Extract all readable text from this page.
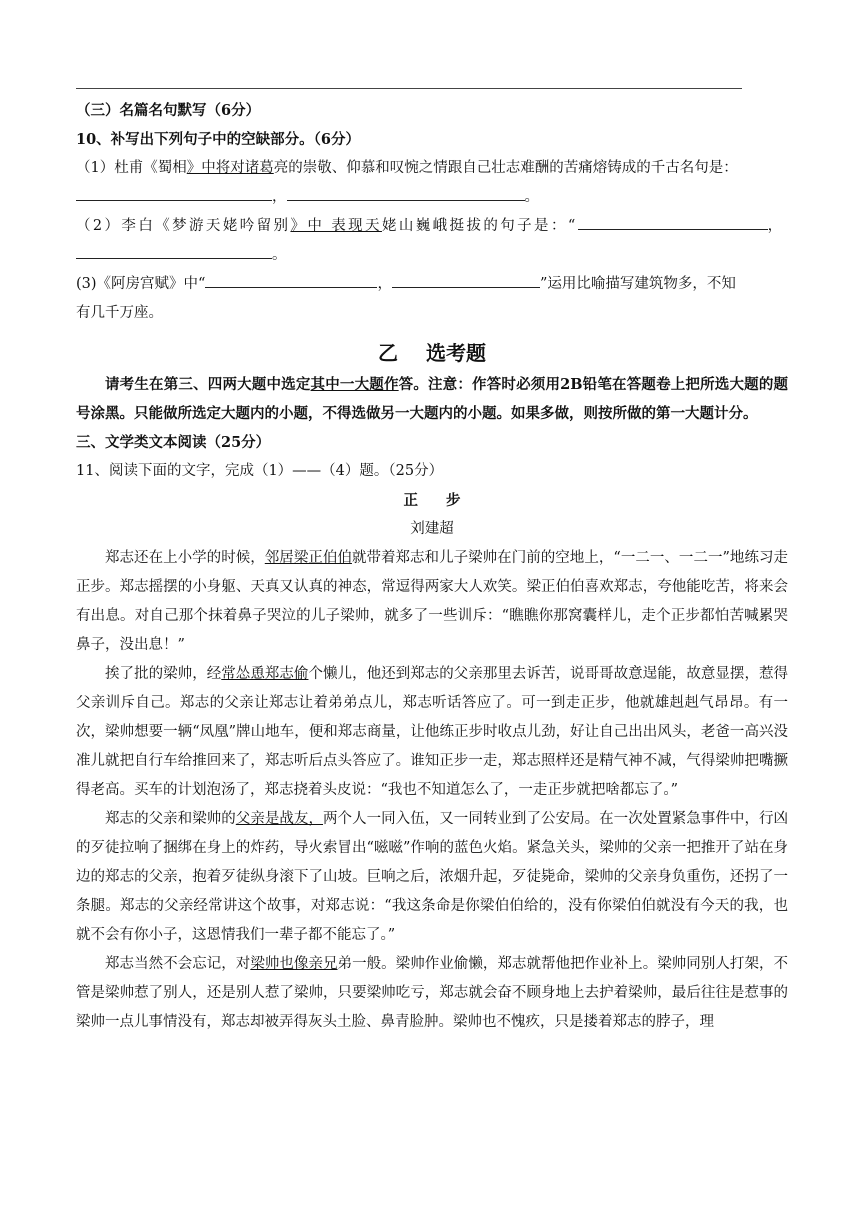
（三）名篇名句默写（6分）

10、补写出下列句子中的空缺部分。（6分）

（1）杜甫《蜀相》中将对诸葛亮的崇敬、仰慕和叹惋之情跟自己壮志难酬的苦痛熔铸成的千古名句是：

，	。

（2）李白《梦游天姥吟留别》中 表现天姥山巍峨挺拔的句子是：“	，

。

(3)《阿房宫赋》中“	，	”运用比喻描写建筑物多，不知

有几千万座。

乙 选考题

请考生在第三、四两大题中选定其中一大题作答。注意：作答时必须用2B铅笔在答题卷上把所选大题的题号涂黑。只能做所选定大题内的小题，不得选做另一大题内的小题。如果多做，则按所做的第一大题计分。

三、文学类文本阅读（25分）

11、阅读下面的文字，完成（1）——（4）题。（25分）

正 步

刘建超

郑志还在上小学的时候，邻居梁正伯伯就带着郑志和儿子梁帅在门前的空地上，“一二一、一二一”地练习走正步。郑志摇摆的小身躯、天真又认真的神态，常逗得两家大人欢笑。梁正伯伯喜欢郑志，夸他能吃苦，将来会有出息。对自己那个抹着鼻子哭泣的儿子梁帅，就多了一些训斥：“瞧瞧你那窝囊样儿，走个正步都怕苦喊累哭鼻子，没出息！”

挨了批的梁帅，经常怂恿郑志偷个懒儿，他还到郑志的父亲那里去诉苦，说哥哥故意逞能，故意显摆，惹得父亲训斥自己。郑志的父亲让郑志让着弟弟点儿，郑志听话答应了。可一到走正步，他就雄赳赳气昂昂。有一次，梁帅想要一辆“凤凰”牌山地车，便和郑志商量，让他练正步时收点儿劲，好让自己出出风头，老爸一高兴没准儿就把自行车给推回来了，郑志听后点头答应了。谁知正步一走，郑志照样还是精气神不减，气得梁帅把嘴撅得老高。买车的计划泡汤了，郑志挠着头皮说：“我也不知道怎么了，一走正步就把啥都忘了。”

郑志的父亲和梁帅的父亲是战友，两个人一同入伍，又一同转业到了公安局。在一次处置紧急事件中，行凶的歹徒拉响了捆绑在身上的炸药，导火索冒出“嗞嗞”作响的蓝色火焰。紧急关头，梁帅的父亲一把推开了站在身边的郑志的父亲，抱着歹徒纵身滚下了山坡。巨响之后，浓烟升起，歹徒毙命，梁帅的父亲身负重伤，还拐了一条腿。郑志的父亲经常讲这个故事，对郑志说：“我这条命是你梁伯伯给的，没有你梁伯伯就没有今天的我，也就不会有你小子，这恩情我们一辈子都不能忘了。”

郑志当然不会忘记，对梁帅也像亲兄弟一般。梁帅作业偷懒，郑志就帮他把作业补上。梁帅同别人打架，不管是梁帅惹了别人，还是别人惹了梁帅，只要梁帅吃亏，郑志就会奋不顾身地上去护着梁帅，最后往往是惹事的梁帅一点儿事情没有，郑志却被弄得灰头土脸、鼻青脸肿。梁帅也不愧疚，只是搂着郑志的脖子，理
